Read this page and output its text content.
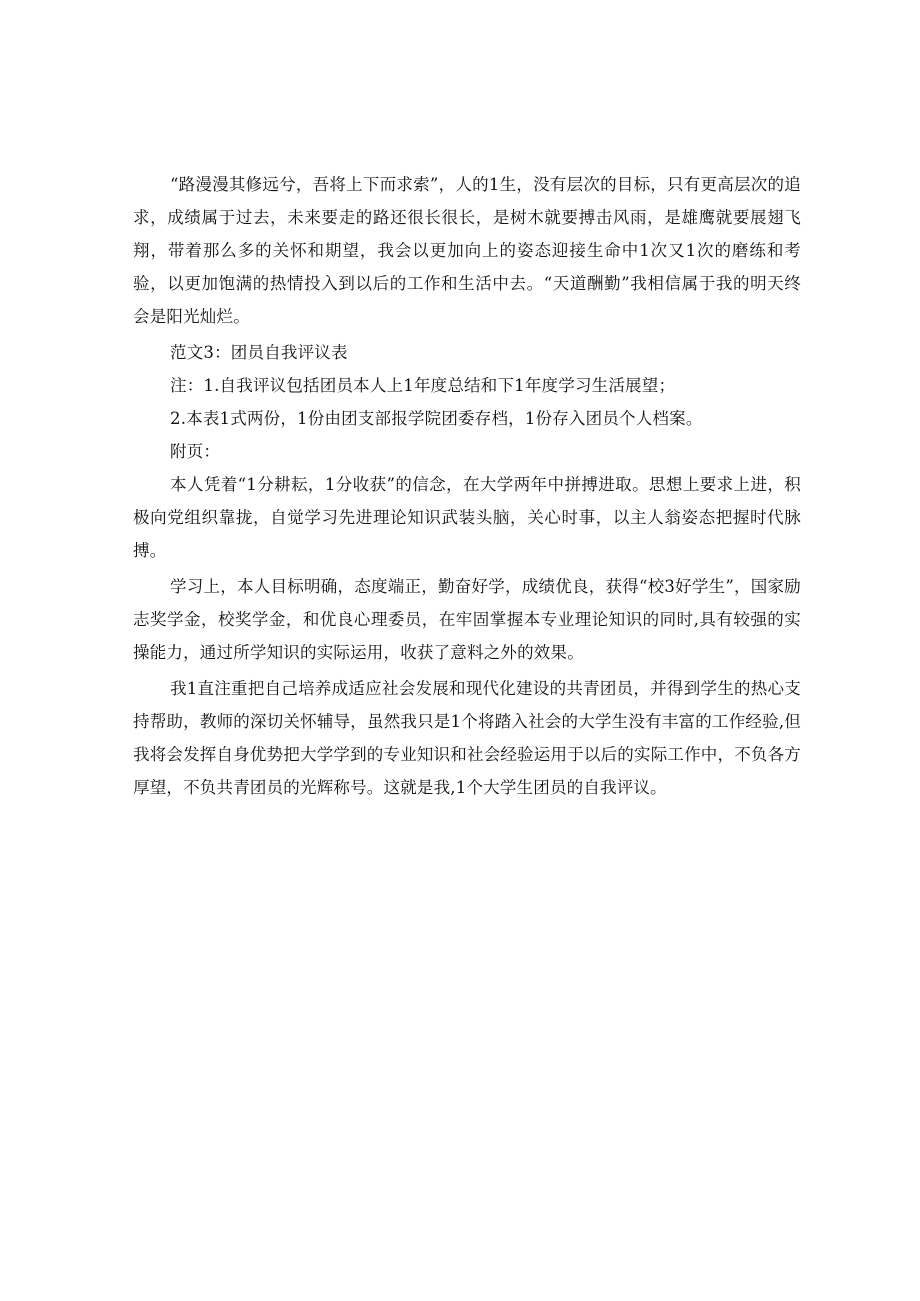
“路漫漫其修远兮，吾将上下而求索”，人的1生，没有层次的目标，只有更高层次的追求，成绩属于过去，未来要走的路还很长很长，是树木就要搏击风雨，是雄鹰就要展翅飞翔，带着那么多的关怀和期望，我会以更加向上的姿态迎接生命中1次又1次的磨练和考验，以更加饱满的热情投入到以后的工作和生活中去。“天道酬勤”我相信属于我的明天终会是阳光灿烂。

范文3：团员自我评议表

注：1.自我评议包括团员本人上1年度总结和下1年度学习生活展望；

2.本表1式两份，1份由团支部报学院团委存档，1份存入团员个人档案。

附页：

本人凭着“1分耕耘，1分收获”的信念，在大学两年中拼搏进取。思想上要求上进，积极向党组织靠拢，自觉学习先进理论知识武装头脑，关心时事，以主人翁姿态把握时代脉搏。

学习上，本人目标明确，态度端正，勤奋好学，成绩优良，获得“校3好学生”，国家励志奖学金，校奖学金，和优良心理委员，在牢固掌握本专业理论知识的同时,具有较强的实操能力，通过所学知识的实际运用，收获了意料之外的效果。

我1直注重把自己培养成适应社会发展和现代化建设的共青团员，并得到学生的热心支持帮助，教师的深切关怀辅导，虽然我只是1个将踏入社会的大学生没有丰富的工作经验,但我将会发挥自身优势把大学学到的专业知识和社会经验运用于以后的实际工作中，不负各方厚望，不负共青团员的光辉称号。这就是我,1个大学生团员的自我评议。
